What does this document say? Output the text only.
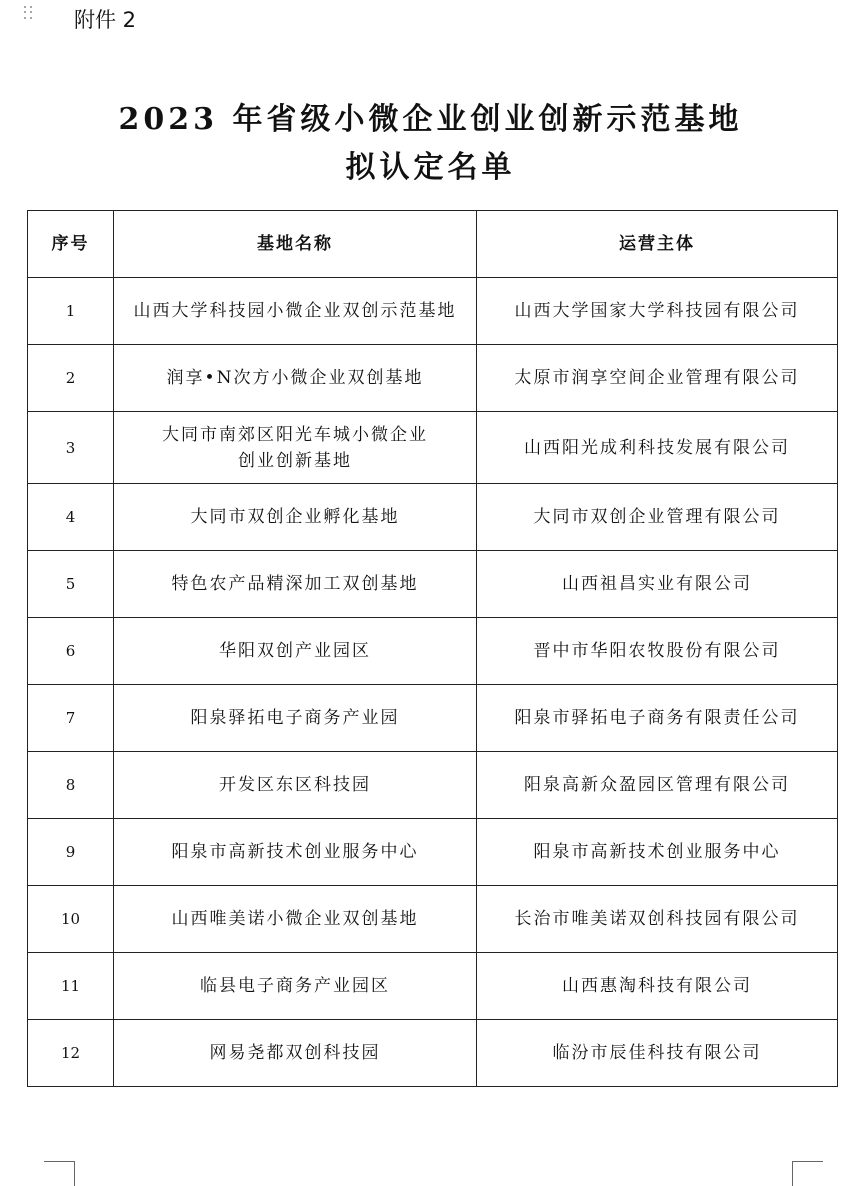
附件 2
2023 年省级小微企业创业创新示范基地
拟认定名单
序号	基地名称	运营主体
1	山西大学科技园小微企业双创示范基地	山西大学国家大学科技园有限公司
2	润享•N次方小微企业双创基地	太原市润享空间企业管理有限公司
3	大同市南郊区阳光车城小微企业
创业创新基地	山西阳光成利科技发展有限公司
4	大同市双创企业孵化基地	大同市双创企业管理有限公司
5	特色农产品精深加工双创基地	山西祖昌实业有限公司
6	华阳双创产业园区	晋中市华阳农牧股份有限公司
7	阳泉驿拓电子商务产业园	阳泉市驿拓电子商务有限责任公司
8	开发区东区科技园	阳泉高新众盈园区管理有限公司
9	阳泉市高新技术创业服务中心	阳泉市高新技术创业服务中心
10	山西唯美诺小微企业双创基地	长治市唯美诺双创科技园有限公司
11	临县电子商务产业园区	山西惠淘科技有限公司
12	网易尧都双创科技园	临汾市辰佳科技有限公司
